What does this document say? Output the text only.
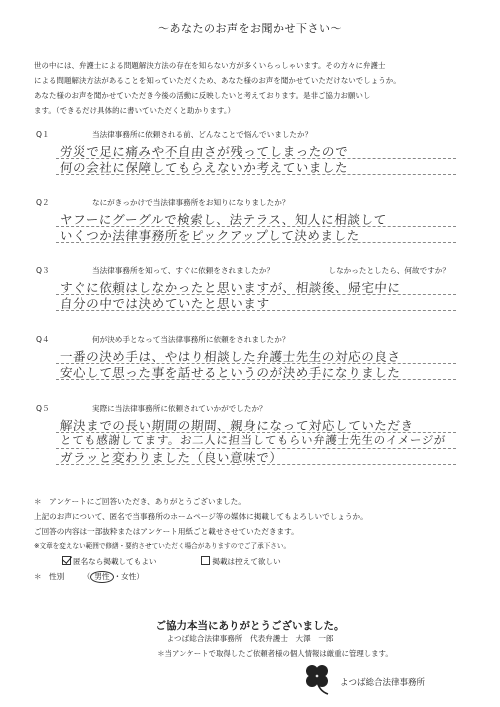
～あなたのお声をお聞かせ下さい～
世の中には、弁護士による問題解決方法の存在を知らない方が多くいらっしゃいます。その方々に弁護士
による問題解決方法があることを知っていただくため、あなた様のお声を聞かせていただけないでしょうか。
あなた様のお声を聞かせていただき今後の活動に反映したいと考えております。是非ご協力お願いし
ます。（できるだけ具体的に書いていただくと助かります。）
Q１	当法律事務所に依頼される前、どんなことで悩んでいましたか？
労災で足に痛みや不自由さが残ってしまったので
何の会社に保障してもらえないか考えていました
Q２	なにがきっかけで当法律事務所をお知りになりましたか？
ヤフーにグーグルで検索し、法テラス、知人に相談して
いくつか法律事務所をピックアップして決めました
Q３	当法律事務所を知って、すぐに依頼をされましたか？	しなかったとしたら、何故ですか？
すぐに依頼はしなかったと思いますが、相談後、帰宅中に
自分の中では決めていたと思います
Q４	何が決め手となって当法律事務所に依頼をされましたか？
一番の決め手は、やはり相談した弁護士先生の対応の良さ
安心して思った事を話せるというのが決め手になりました
Q５	実際に当法律事務所に依頼されていかがでしたか？
解決までの長い期間の期間、親身になって対応していただき
とても感謝してます。お二人に担当してもらい弁護士先生のイメージが
ガラッと変わりました（良い意味で）
＊　アンケートにご回答いただき、ありがとうございました。
上記のお声について、匿名で当事務所のホームページ等の媒体に掲載してもよろしいでしょうか。
ご回答の内容は一部抜粋またはアンケート用紙ごと載せさせていただきます。
※文章を変えない範囲で修繕・要約させていただく場合がありますのでご了承下さい。
匿名なら掲載してもよい	掲載は控えて欲しい
＊　性別 （ 男性 ・女性）
ご協力本当にありがとうございました。
よつば総合法律事務所　代表弁護士　大澤　一郎
＊当アンケートで取得したご依頼者様の個人情報は厳重に管理します。
よつば総合法律事務所
